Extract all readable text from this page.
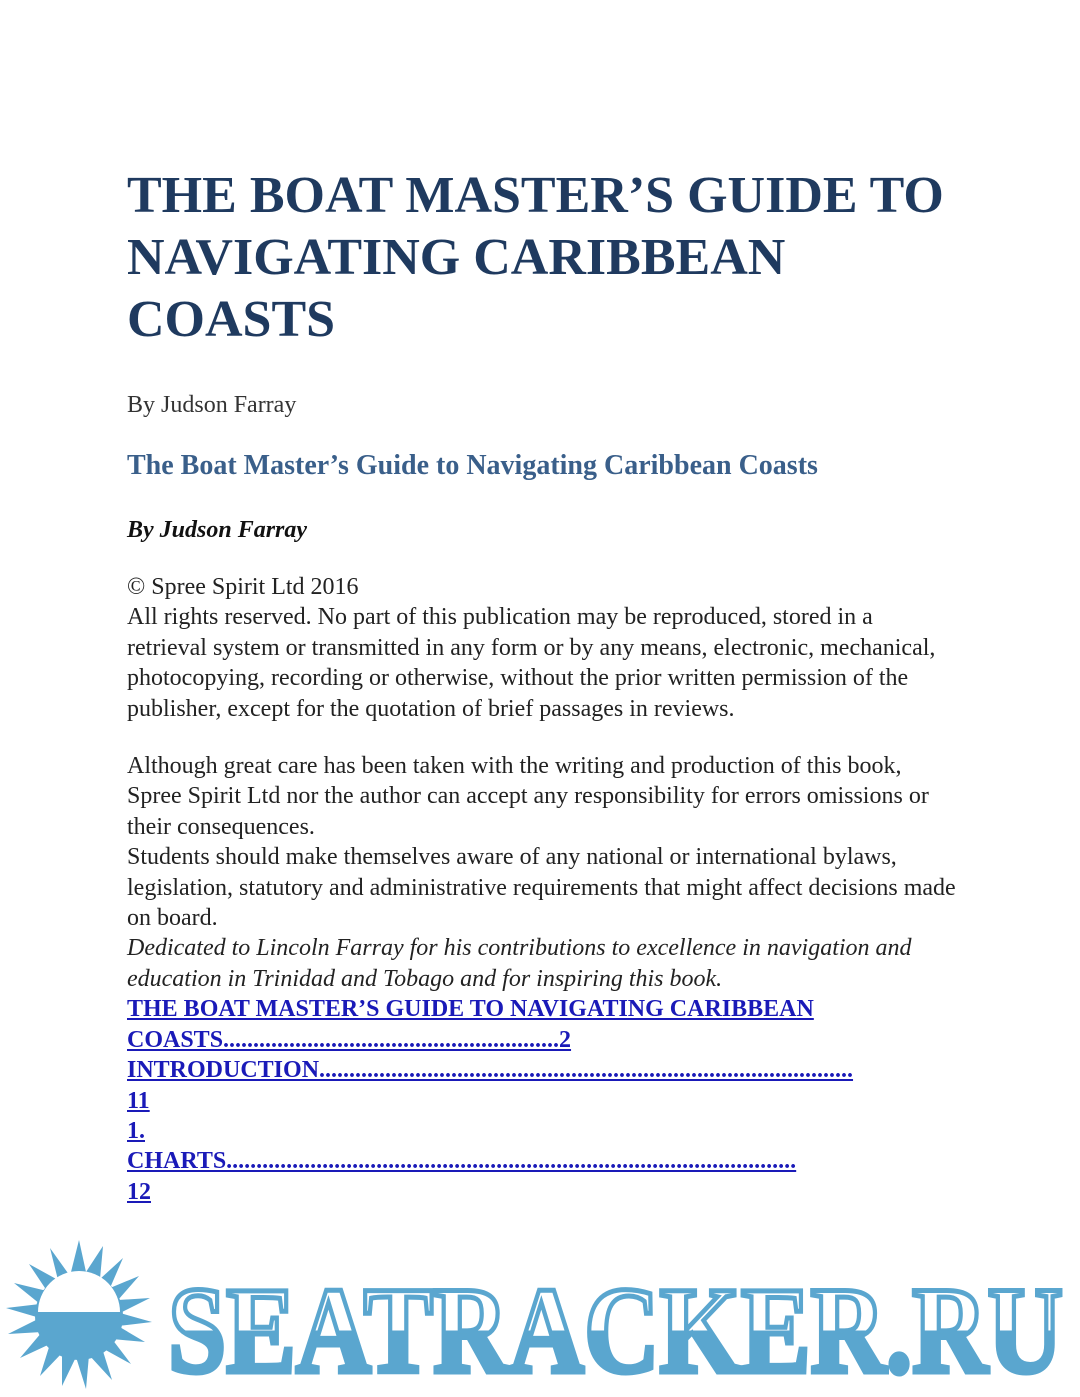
THE BOAT MASTER’S GUIDE TO NAVIGATING CARIBBEAN COASTS

By Judson Farray

The Boat Master’s Guide to Navigating Caribbean Coasts

By Judson Farray

© Spree Spirit Ltd 2016

All rights reserved. No part of this publication may be reproduced, stored in a retrieval system or transmitted in any form or by any means, electronic, mechanical, photocopying, recording or otherwise, without the prior written permission of the publisher, except for the quotation of brief passages in reviews.

Although great care has been taken with the writing and production of this book, Spree Spirit Ltd nor the author can accept any responsibility for errors omissions or their consequences.

Students should make themselves aware of any national or international bylaws, legislation, statutory and administrative requirements that might affect decisions made on board.

Dedicated to Lincoln Farray for his contributions to excellence in navigation and education in Trinidad and Tobago and for inspiring this book.

THE BOAT MASTER’S GUIDE TO NAVIGATING CARIBBEAN
COASTS........................................................2
INTRODUCTION.........................................................................................
11
1.
CHARTS...............................................................................................
12
SEATRACKER.RU
